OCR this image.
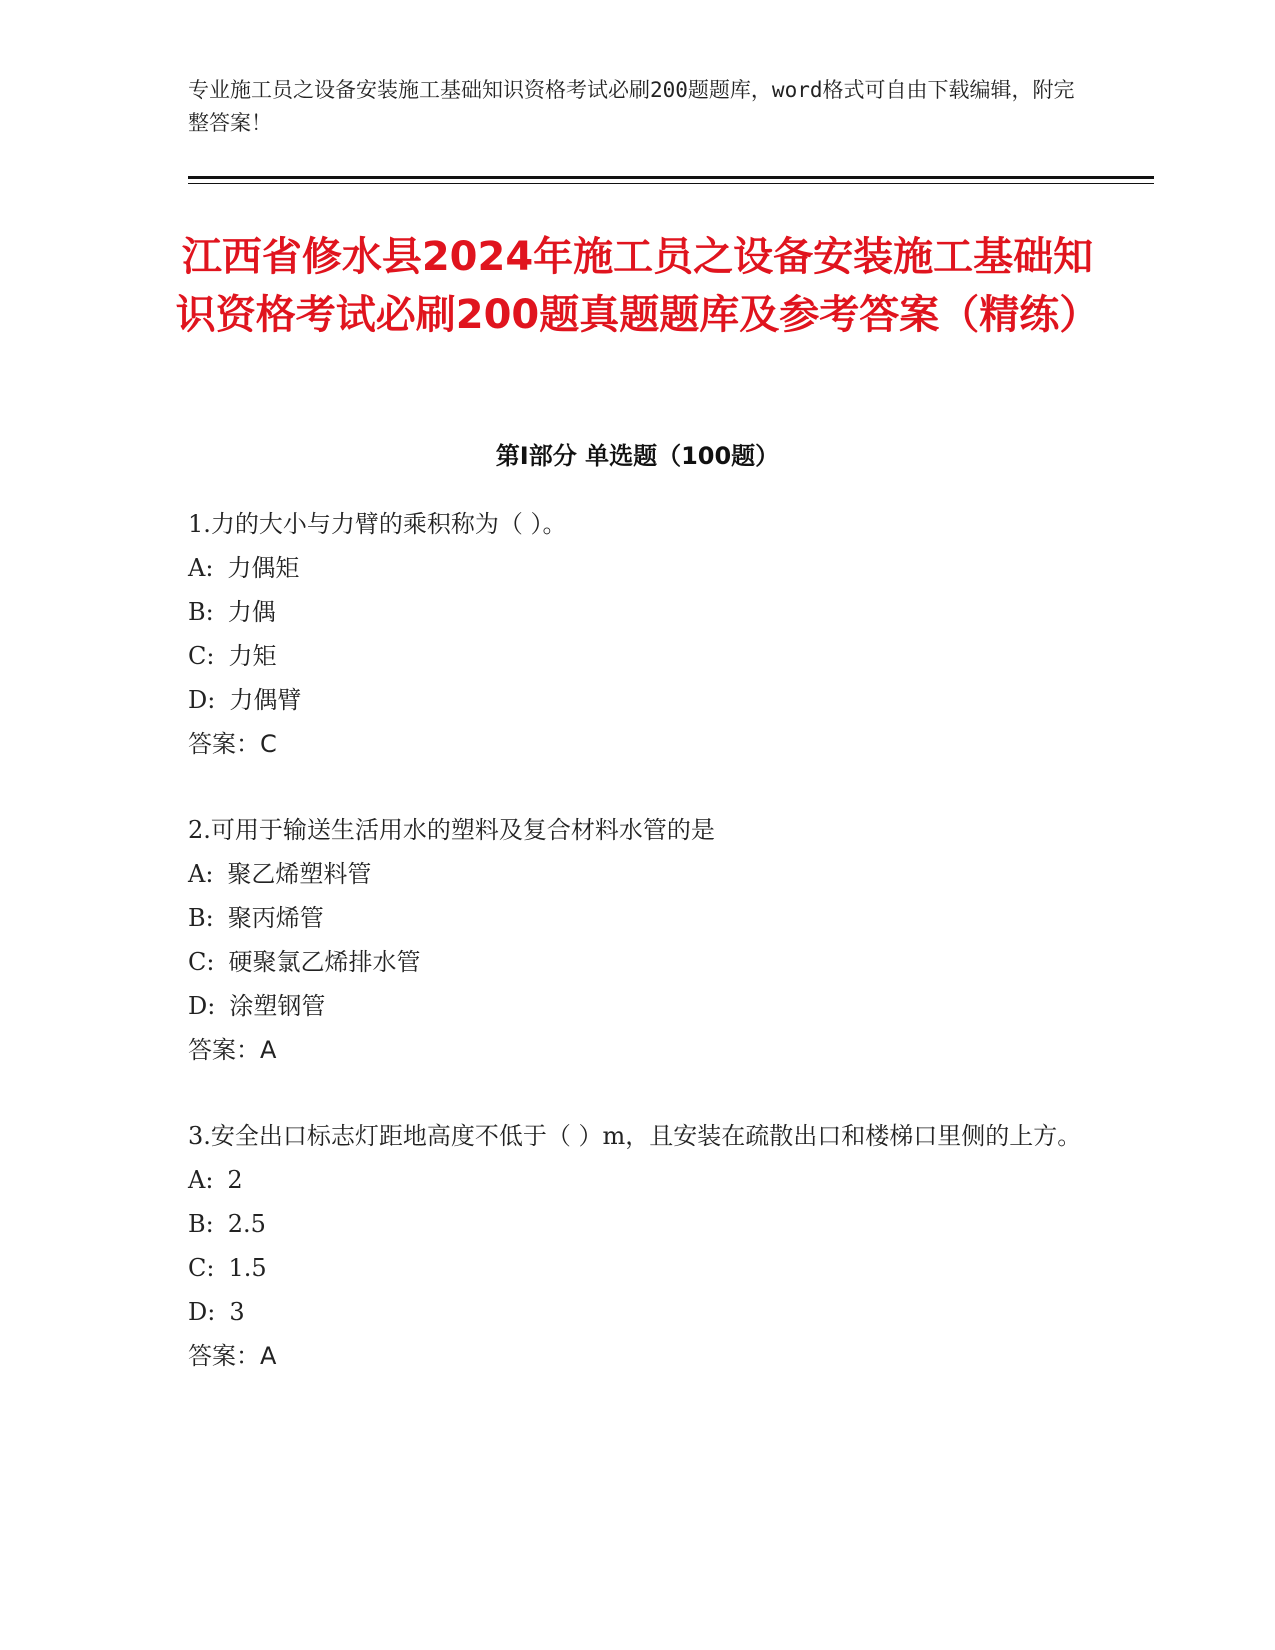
专业施工员之设备安装施工基础知识资格考试必刷200题题库，word格式可自由下载编辑，附完整答案！
江西省修水县2024年施工员之设备安装施工基础知识资格考试必刷200题真题题库及参考答案（精练）
第I部分 单选题（100题）

1.力的大小与力臂的乘积称为（ ）。

A: 力偶矩

B: 力偶

C: 力矩

D: 力偶臂

答案：C

2.可用于输送生活用水的塑料及复合材料水管的是

A: 聚乙烯塑料管

B: 聚丙烯管

C: 硬聚氯乙烯排水管

D: 涂塑钢管

答案：A

3.安全出口标志灯距地高度不低于（ ）m，且安装在疏散出口和楼梯口里侧的上方。

A: 2

B: 2.5

C: 1.5

D: 3

答案：A
